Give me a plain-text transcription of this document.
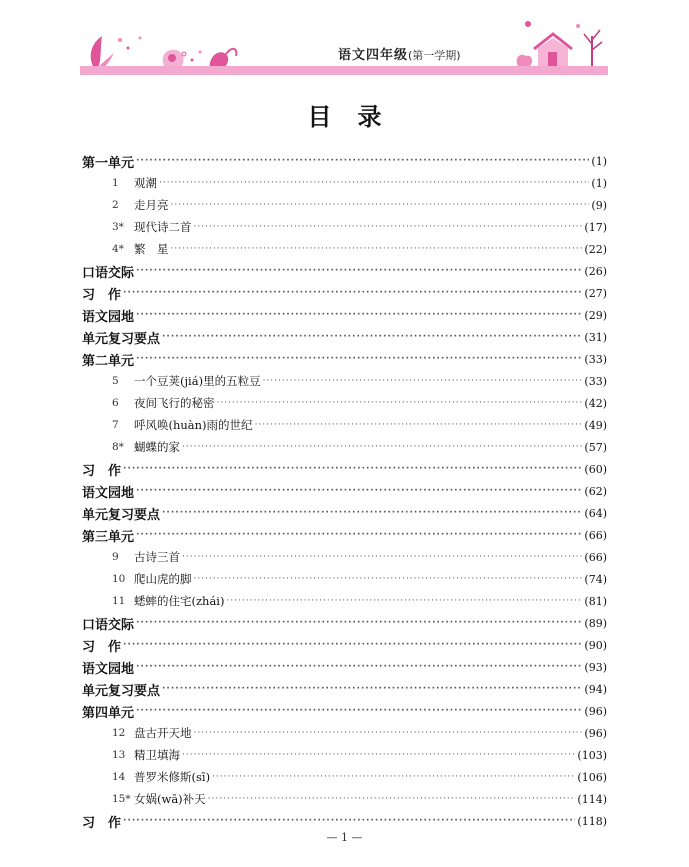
语文四年级(第一学期)
目录
第一单元 ·····	(1)
1	观潮 ·····	(1)
2	走月亮 ·····	(9)
3* 现代诗二首 ·····	(17)
4* 繁　星 ·····	(22)
口语交际 ·····	(26)
习　作 ·····	(27)
语文园地 ·····	(29)
单元复习要点 ·····	(31)
第二单元 ·····	(33)
5	一个豆荚(jiá)里的五粒豆 ·····	(33)
6	夜间飞行的秘密 ·····	(42)
7	呼风唤(huàn)雨的世纪 ·····	(49)
8* 蝴蝶的家 ·····	(57)
习　作 ·····	(60)
语文园地 ·····	(62)
单元复习要点 ·····	(64)
第三单元 ·····	(66)
9	古诗三首 ·····	(66)
10 爬山虎的脚 ·····	(74)
11 蟋蟀的住宅(zhái) ·····	(81)
口语交际 ·····	(89)
习　作 ·····	(90)
语文园地 ·····	(93)
单元复习要点 ·····	(94)
第四单元 ·····	(96)
12 盘古开天地 ·····	(96)
13 精卫填海 ·····	(103)
14 普罗米修斯(sī) ·····	(106)
15* 女娲(wā)补天 ·····	(114)
习　作 ·····	(118)
— 1 —
